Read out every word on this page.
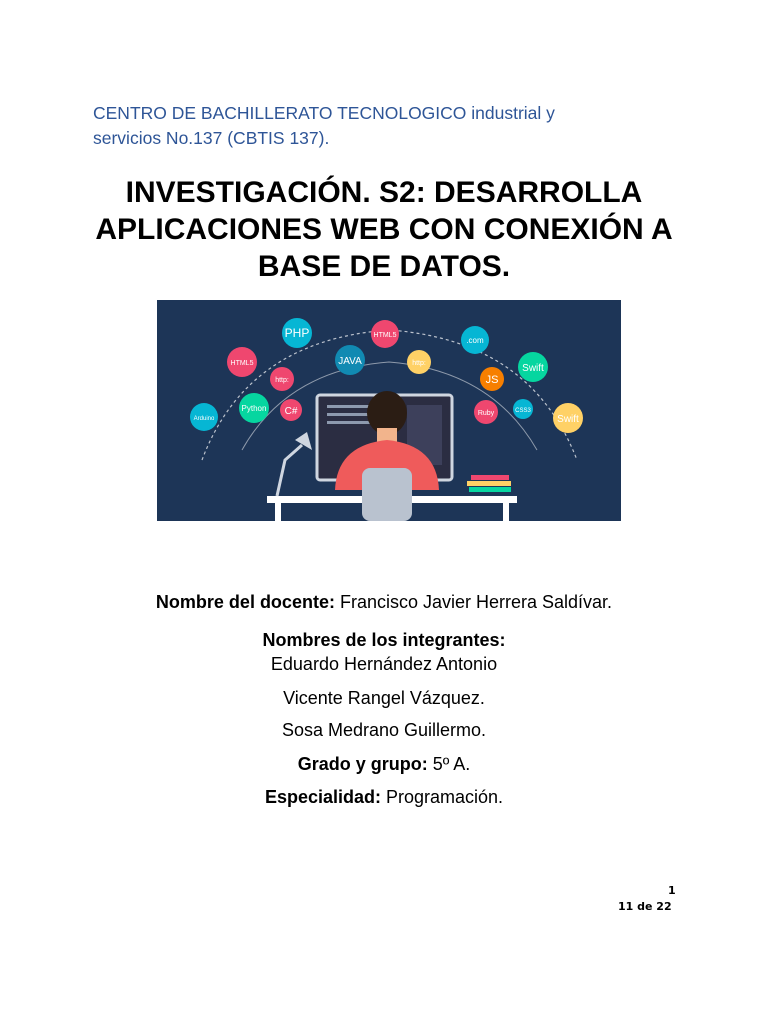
CENTRO DE BACHILLERATO TECNOLOGICO industrial y
servicios No.137 (CBTIS 137).
INVESTIGACIÓN. S2: DESARROLLA
APLICACIONES WEB CON CONEXIÓN A
BASE DE DATOS.
PHP	HTML5
.com
HTML5	JAVA	http:	Swift
http:	JS
Arduino
Python C#	Ruby	CSS3
Swift
Nombre del docente: Francisco Javier Herrera Saldívar.
Nombres de los integrantes:
Eduardo Hernández Antonio
Vicente Rangel Vázquez.
Sosa Medrano Guillermo.
Grado y grupo: 5º A.
Especialidad: Programación.
1
11 de 22
